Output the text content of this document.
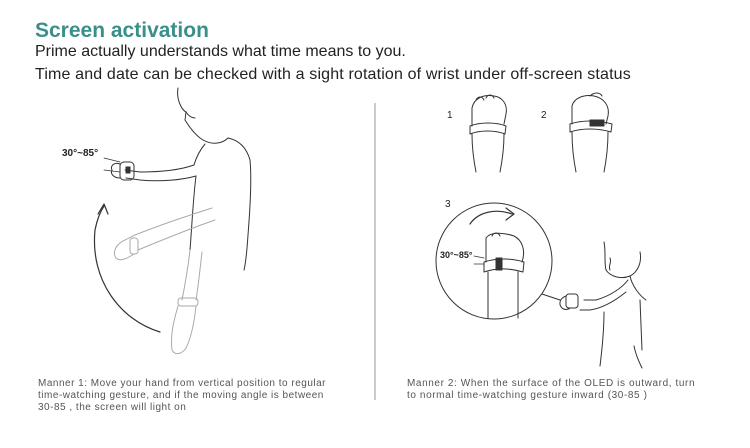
Screen activation

Prime actually understands what time means to you.

Time and date can be checked with a sight rotation of wrist under off-screen status

30°~85°
1	2
3
30°~85°

Manner 1: Move your hand from vertical position to regular
time-watching gesture, and if the moving angle is between
30-85 , the screen will light on

Manner 2: When the surface of the OLED is outward, turn
to normal time-watching gesture inward (30-85 )
